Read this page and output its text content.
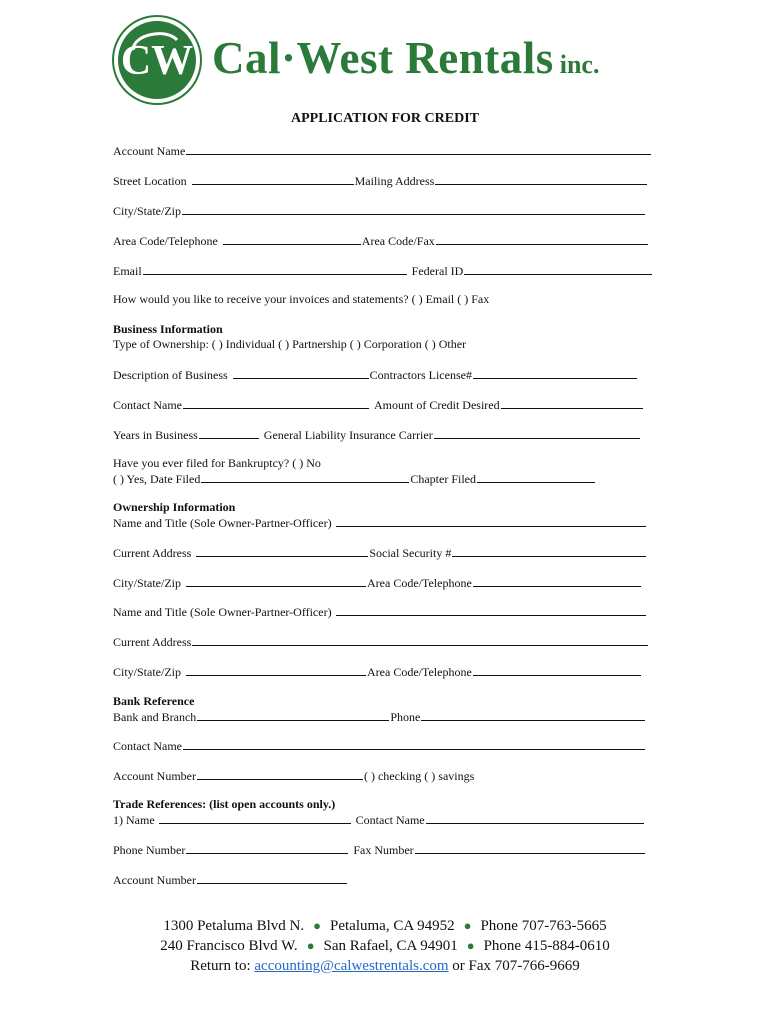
CW Cal·West Rentals inc.
APPLICATION FOR CREDIT
Account Name
Street Location	Mailing Address
City/State/Zip
Area Code/Telephone	Area Code/Fax
Email	Federal ID
How would you like to receive your invoices and statements? ( ) Email ( ) Fax
Business Information
Type of Ownership: ( ) Individual ( ) Partnership ( ) Corporation ( ) Other
Description of Business	Contractors License#
Contact Name	Amount of Credit Desired
Years in Business	General Liability Insurance Carrier
Have you ever filed for Bankruptcy? ( ) No
( ) Yes, Date Filed	Chapter Filed
Ownership Information
Name and Title (Sole Owner-Partner-Officer)
Current Address	Social Security #
City/State/Zip	Area Code/Telephone
Name and Title (Sole Owner-Partner-Officer)
Current Address
City/State/Zip	Area Code/Telephone
Bank Reference
Bank and Branch	Phone
Contact Name
Account Number	( ) checking ( ) savings
Trade References: (list open accounts only.)
1) Name	Contact Name
Phone Number	Fax Number
Account Number
1300 Petaluma Blvd N. ● Petaluma, CA 94952 ● Phone 707-763-5665
240 Francisco Blvd W. ● San Rafael, CA 94901 ● Phone 415-884-0610
Return to: accounting@calwestrentals.com or Fax 707-766-9669
